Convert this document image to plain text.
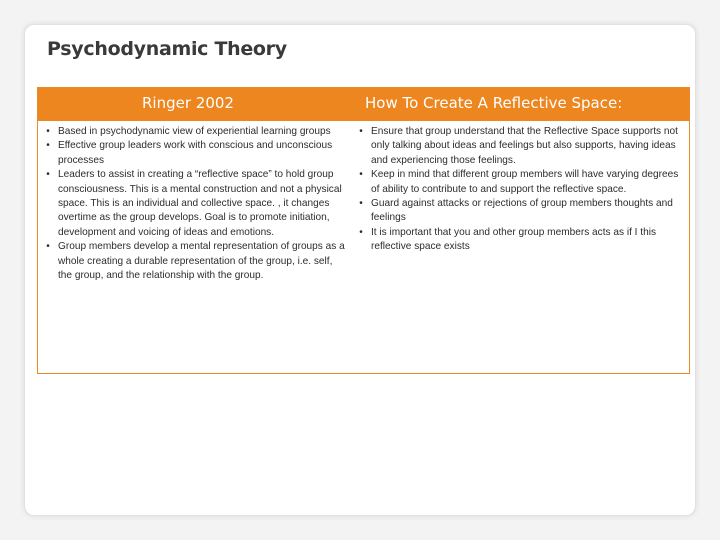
Psychodynamic Theory
Ringer 2002	How To Create A Reflective Space:
• Based in psychodynamic view of experiential learning groups
• Effective group leaders work with conscious and unconscious processes
• Leaders to assist in creating a “reflective space” to hold group consciousness. This is a mental construction and not a physical space. This is an individual and collective space. , it changes overtime as the group develops. Goal is to promote initiation, development and voicing of ideas and emotions.
• Group members develop a mental representation of groups as a whole creating a durable representation of the group, i.e. self, the group, and the relationship with the group.
• Ensure that group understand that the Reflective Space supports not only talking about ideas and feelings but also supports, having ideas and experiencing those feelings.
• Keep in mind that different group members will have varying degrees of ability to contribute to and support the reflective space.
• Guard against attacks or rejections of group members thoughts and feelings
• It is important that you and other group members acts as if I this reflective space exists
